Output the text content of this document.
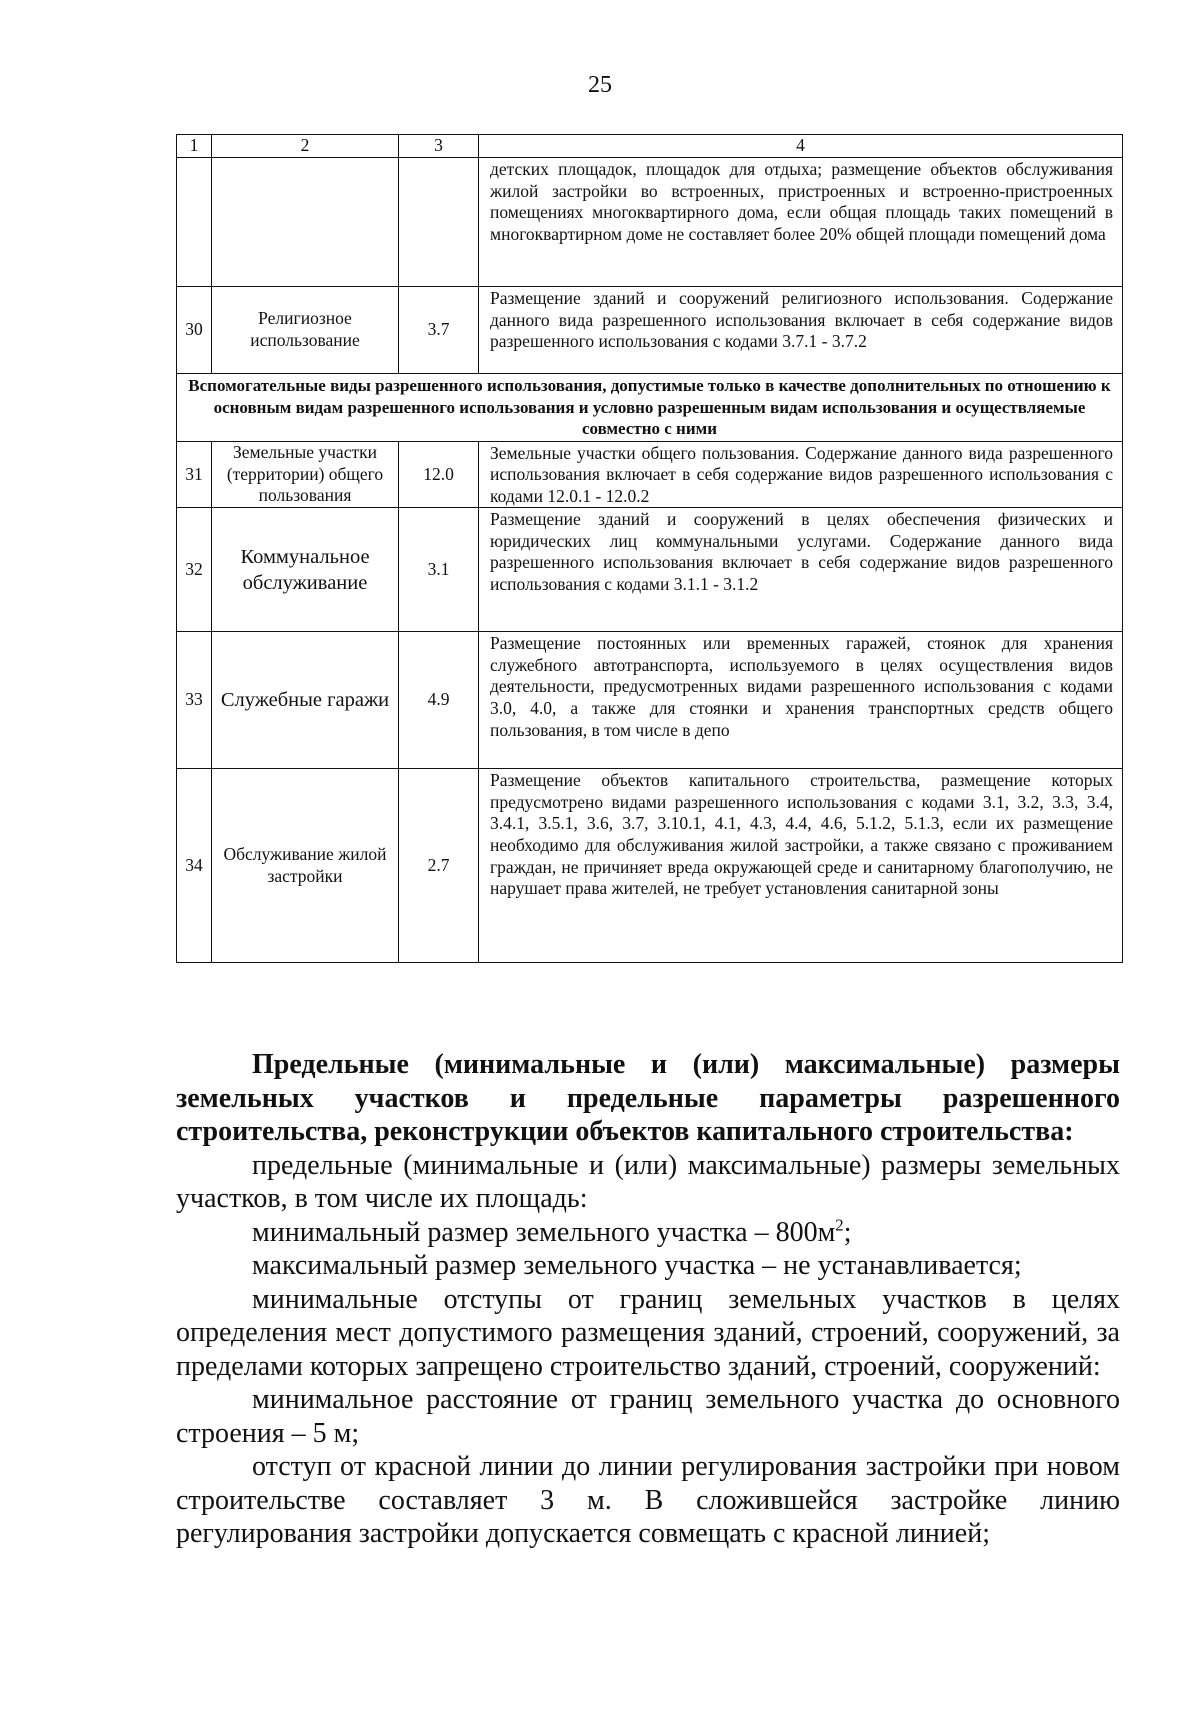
25
1	2	3	4
			детских площадок, площадок для отдыха; размещение объектов обслуживания жилой застройки во встроенных, пристроенных и встроенно-пристроенных помещениях многоквартирного дома, если общая площадь таких помещений в многоквартирном доме не составляет более 20% общей площади помещений дома
30	Религиозное использование	3.7	Размещение зданий и сооружений религиозного использования. Содержание данного вида разрешенного использования включает в себя содержание видов разрешенного использования с кодами 3.7.1 - 3.7.2
Вспомогательные виды разрешенного использования, допустимые только в качестве дополнительных по отношению к основным видам разрешенного использования и условно разрешенным видам использования и осуществляемые совместно с ними			
31	Земельные участки (территории) общего пользования	12.0	Земельные участки общего пользования. Содержание данного вида разрешенного использования включает в себя содержание видов разрешенного использования с кодами 12.0.1 - 12.0.2
32	Коммунальное обслуживание	3.1	Размещение зданий и сооружений в целях обеспечения физических и юридических лиц коммунальными услугами. Содержание данного вида разрешенного использования включает в себя содержание видов разрешенного использования с кодами 3.1.1 - 3.1.2
33	Служебные гаражи	4.9	Размещение постоянных или временных гаражей, стоянок для хранения служебного автотранспорта, используемого в целях осуществления видов деятельности, предусмотренных видами разрешенного использования с кодами 3.0, 4.0, а также для стоянки и хранения транспортных средств общего пользования, в том числе в депо
34	Обслуживание жилой застройки	2.7	Размещение объектов капитального строительства, размещение которых предусмотрено видами разрешенного использования с кодами 3.1, 3.2, 3.3, 3.4, 3.4.1, 3.5.1, 3.6, 3.7, 3.10.1, 4.1, 4.3, 4.4, 4.6, 5.1.2, 5.1.3, если их размещение необходимо для обслуживания жилой застройки, а также связано с проживанием граждан, не причиняет вреда окружающей среде и санитарному благополучию, не нарушает права жителей, не требует установления санитарной зоны

Предельные (минимальные и (или) максимальные) размеры земельных участков и предельные параметры разрешенного строительства, реконструкции объектов капитального строительства:

предельные (минимальные и (или) максимальные) размеры земельных участков, в том числе их площадь:

минимальный размер земельного участка – $800м^2$;

максимальный размер земельного участка – не устанавливается;

минимальные отступы от границ земельных участков в целях определения мест допустимого размещения зданий, строений, сооружений, за пределами которых запрещено строительство зданий, строений, сооружений:

минимальное расстояние от границ земельного участка до основного строения – 5 м;

отступ от красной линии до линии регулирования застройки при новом строительстве составляет 3 м. В сложившейся застройке линию регулирования застройки допускается совмещать с красной линией;
